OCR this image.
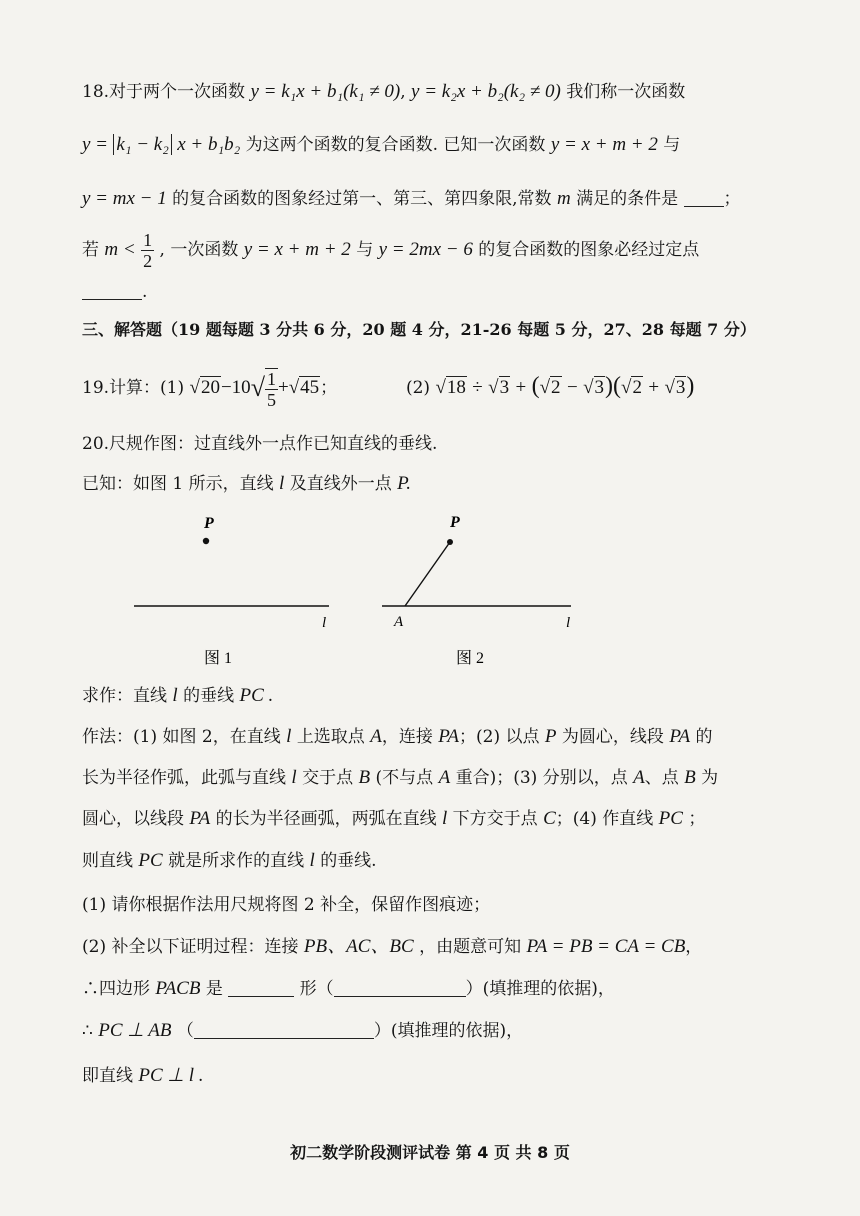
18.对于两个一次函数 y = k₁x + b₁(k₁ ≠ 0), y = k₂x + b₂(k₂ ≠ 0) 我们称一次函数
y = k₁ − k₂ x + b₁b₂ 为这两个函数的复合函数. 已知一次函数 y = x + m + 2 与
y = mx − 1 的复合函数的图象经过第一、第三、第四象限,常数 m 满足的条件是	；
若 $m < \frac{1}{2}$ , 一次函数 y = x + m + 2 与 y = 2mx − 6 的复合函数的图象必经过定点
.
三、解答题（19 题每题 3 分共 6 分，20 题 4 分，21-26 每题 5 分，27、28 每题 7 分）
19.计算：(1) $√20-10√ \frac{1}{5} +√45$；	(2) √18 ÷ √3 + (√2 − √3)(√2 + √3)
20.尺规作图：过直线外一点作已知直线的垂线.
已知：如图 1 所示，直线 l 及直线外一点 P.
P
l
图 1
P
A	l
图 2
求作：直线 l 的垂线 PC .
作法：(1) 如图 2，在直线 l 上选取点 A，连接 PA；(2) 以点 P 为圆心，线段 PA 的
长为半径作弧，此弧与直线 l 交于点 B (不与点 A 重合)；(3) 分别以，点 A、点 B 为
圆心，以线段 PA 的长为半径画弧，两弧在直线 l 下方交于点 C；(4) 作直线 PC ；
则直线 PC 就是所求作的直线 l 的垂线.
(1) 请你根据作法用尺规将图 2 补全，保留作图痕迹；
(2) 补全以下证明过程：连接 PB、AC、BC ，由题意可知 PA = PB = CA = CB，
∴四边形 PACB 是	形（	）(填推理的依据)，
∴ PC ⊥ AB （	）(填推理的依据)，
即直线 PC ⊥ l .
初二数学阶段测评试卷 第 4 页 共 8 页
